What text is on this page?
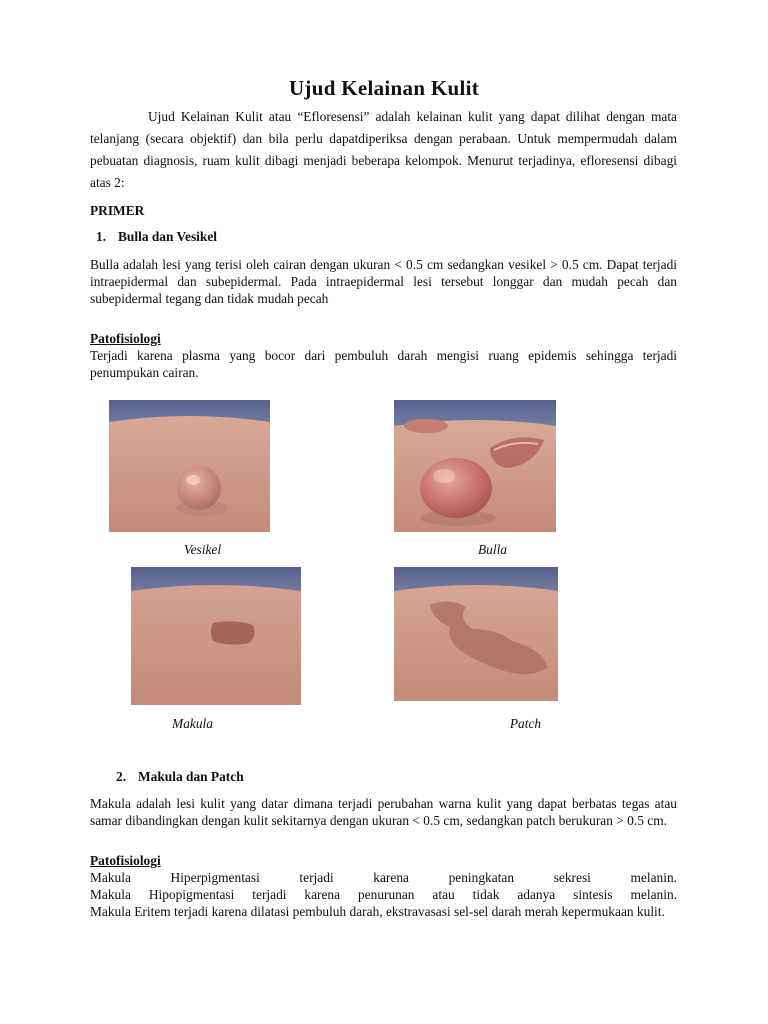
Ujud Kelainan Kulit
Ujud Kelainan Kulit atau “Efloresensi” adalah kelainan kulit yang dapat dilihat dengan mata telanjang (secara objektif) dan bila perlu dapatdiperiksa dengan perabaan. Untuk mempermudah dalam pebuatan diagnosis, ruam kulit dibagi menjadi beberapa kelompok. Menurut terjadinya, efloresensi dibagi atas 2:
PRIMER
1. Bulla dan Vesikel
Bulla adalah lesi yang terisi oleh cairan dengan ukuran < 0.5 cm sedangkan vesikel > 0.5 cm. Dapat terjadi intraepidermal dan subepidermal. Pada intraepidermal lesi tersebut longgar dan mudah pecah dan subepidermal tegang dan tidak mudah pecah
Patofisiologi
Terjadi karena plasma yang bocor dari pembuluh darah mengisi ruang epidemis sehingga terjadi penumpukan cairan.
Vesikel	Bulla
Makula	Patch
2. Makula dan Patch
Makula adalah lesi kulit yang datar dimana terjadi perubahan warna kulit yang dapat berbatas tegas atau samar dibandingkan dengan kulit sekitarnya dengan ukuran < 0.5 cm, sedangkan patch berukuran > 0.5 cm.
Patofisiologi
Makula Hiperpigmentasi terjadi karena peningkatan sekresi melanin.
Makula Hipopigmentasi terjadi karena penurunan atau tidak adanya sintesis melanin.
Makula Eritem terjadi karena dilatasi pembuluh darah, ekstravasasi sel-sel darah merah kepermukaan kulit.
